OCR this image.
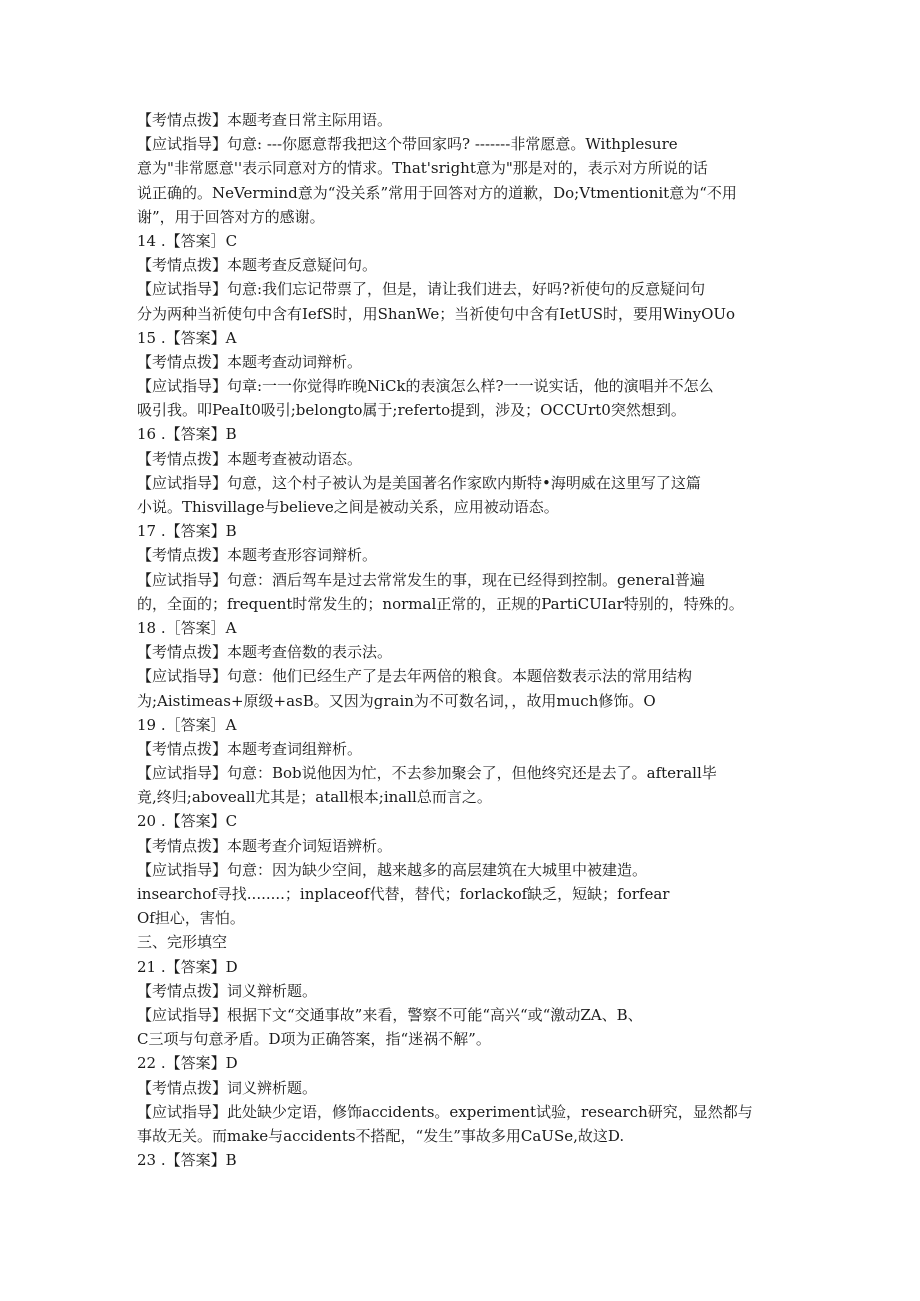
【考情点拨】本题考查日常主际用语。
【应试指导】句意: ---你愿意帮我把这个带回家吗? -------非常愿意。Withplesure
意为"非常愿意''表示同意对方的情求。That'sright意为"那是对的，表示对方所说的话
说正确的。NeVermind意为“没关系”常用于回答对方的道歉，Do;Vtmentionit意为“不用
谢”，用于回答对方的感谢。
14 .【答案］C
【考情点拨】本题考查反意疑问句。
【应试指导】句意:我们忘记带票了，但是，请让我们进去，好吗?祈使句的反意疑问句
分为两种当祈使句中含有IefS时，用ShanWe；当祈使句中含有IetUS时，要用WinyOUo
15 .【答案】A
【考情点拨】本题考查动词辩析。
【应试指导】句章:一一你觉得昨晚NiCk的表演怎么样?一一说实话，他的演唱并不怎么
吸引我。叩PeaIt0吸引;belongto属于;referto提到，涉及；OCCUrt0突然想到。
16 .【答案】B
【考情点拨】本题考查被动语态。
【应试指导】句意，这个村子被认为是美国著名作家欧内斯特•海明威在这里写了这篇
小说。Thisvillage与believe之间是被动关系，应用被动语态。
17 .【答案】B
【考情点拨】本题考查形容词辩析。
【应试指导】句意：酒后驾车是过去常常发生的事，现在已经得到控制。general普遍
的，全面的；frequent时常发生的；normal正常的，正规的PartiCUIar特别的，特殊的。
18 .［答案］A
【考情点拨】本题考查倍数的表示法。
【应试指导】句意：他们已经生产了是去年两倍的粮食。本题倍数表示法的常用结构
为;Aistimeas+原级+asB。又因为grain为不可数名词，，故用much修饰。O
19 .［答案］A
【考情点拨】本题考查词组辩析。
【应试指导】句意：Bob说他因为忙，不去参加聚会了，但他终究还是去了。afterall毕
竟,终归;aboveall尤其是；atall根本;inall总而言之。
20 .【答案】C
【考情点拨】本题考查介词短语辨析。
【应试指导】句意：因为缺少空间，越来越多的高层建筑在大城里中被建造。
insearchof寻找........；inplaceof代替，替代；forlackof缺乏，短缺；forfear
Of担心，害怕。
三、完形填空
21 .【答案】D
【考情点拨】词义辩析题。
【应试指导】根据下文“交通事故”来看，警察不可能“高兴“或“激动ZA、B、
C三项与句意矛盾。D项为正确答案，指“迷祸不解”。
22 .【答案】D
【考情点拨】词义辨析题。
【应试指导】此处缺少定语，修饰accidents。experiment试验，research研究，显然都与
事故无关。而make与accidents不搭配，“发生”事故多用CaUSe,故这D.
23 .【答案】B
